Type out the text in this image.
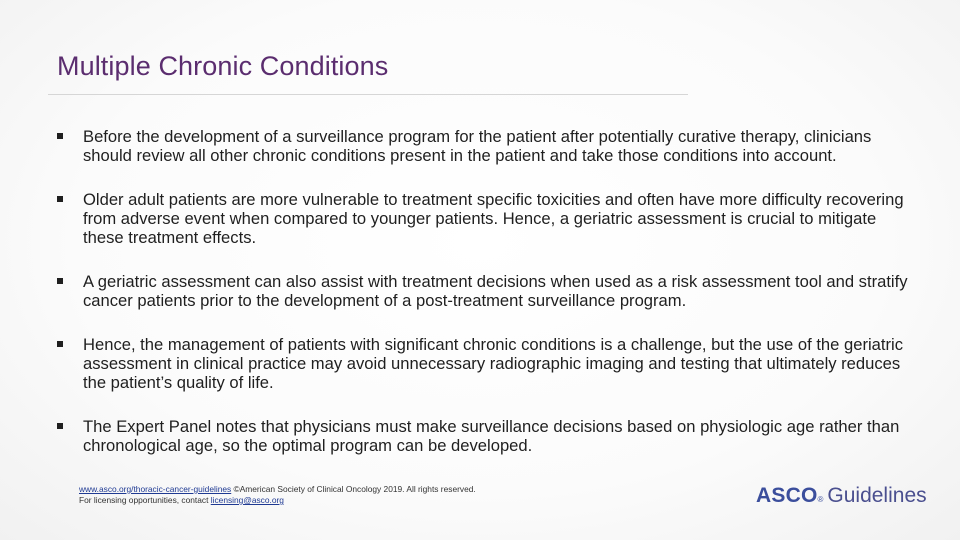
Multiple Chronic Conditions
Before the development of a surveillance program for the patient after potentially curative therapy, clinicians should review all other chronic conditions present in the patient and take those conditions into account.
Older adult patients are more vulnerable to treatment specific toxicities and often have more difficulty recovering from adverse event when compared to younger patients. Hence, a geriatric assessment is crucial to mitigate these treatment effects.
A geriatric assessment can also assist with treatment decisions when used as a risk assessment tool and stratify cancer patients prior to the development of a post-treatment surveillance program.
Hence, the management of patients with significant chronic conditions is a challenge, but the use of the geriatric assessment in clinical practice may avoid unnecessary radiographic imaging and testing that ultimately reduces the patient’s quality of life.
The Expert Panel notes that physicians must make surveillance decisions based on physiologic age rather than chronological age, so the optimal program can be developed.
www.asco.org/thoracic-cancer-guidelines ©American Society of Clinical Oncology 2019. All rights reserved.
For licensing opportunities, contact licensing@asco.org	ASCO ® Guidelines
